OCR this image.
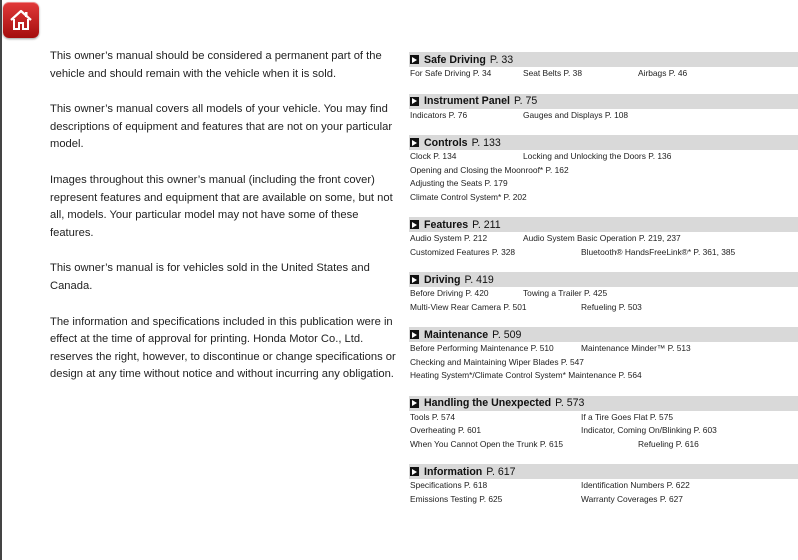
This owner’s manual should be considered a permanent part of the vehicle and should remain with the vehicle when it is sold.

This owner’s manual covers all models of your vehicle. You may find descriptions of equipment and features that are not on your particular model.

Images throughout this owner’s manual (including the front cover) represent features and equipment that are available on some, but not all, models. Your particular model may not have some of these features.

This owner’s manual is for vehicles sold in the United States and Canada.

The information and specifications included in this publication were in effect at the time of approval for printing. Honda Motor Co., Ltd. reserves the right, however, to discontinue or change specifications or design at any time without notice and without incurring any obligation.

Safe Driving P. 33
For Safe Driving P. 34	Seat Belts P. 38	Airbags P. 46
Instrument Panel P. 75
Indicators P. 76	Gauges and Displays P. 108
Controls P. 133
Clock P. 134	Locking and Unlocking the Doors P. 136
Opening and Closing the Moonroof* P. 162
Adjusting the Seats P. 179
Climate Control System* P. 202
Features P. 211
Audio System P. 212	Audio System Basic Operation P. 219, 237
Customized Features P. 328	Bluetooth® HandsFreeLink®* P. 361, 385
Driving P. 419
Before Driving P. 420	Towing a Trailer P. 425
Multi-View Rear Camera P. 501	Refueling P. 503
Maintenance P. 509
Before Performing Maintenance P. 510	Maintenance Minder™ P. 513
Checking and Maintaining Wiper Blades P. 547
Heating System*/Climate Control System* Maintenance P. 564
Handling the Unexpected P. 573
Tools P. 574	If a Tire Goes Flat P. 575
Overheating P. 601	Indicator, Coming On/Blinking P. 603
When You Cannot Open the Trunk P. 615	Refueling P. 616
Information P. 617
Specifications P. 618	Identification Numbers P. 622
Emissions Testing P. 625	Warranty Coverages P. 627
